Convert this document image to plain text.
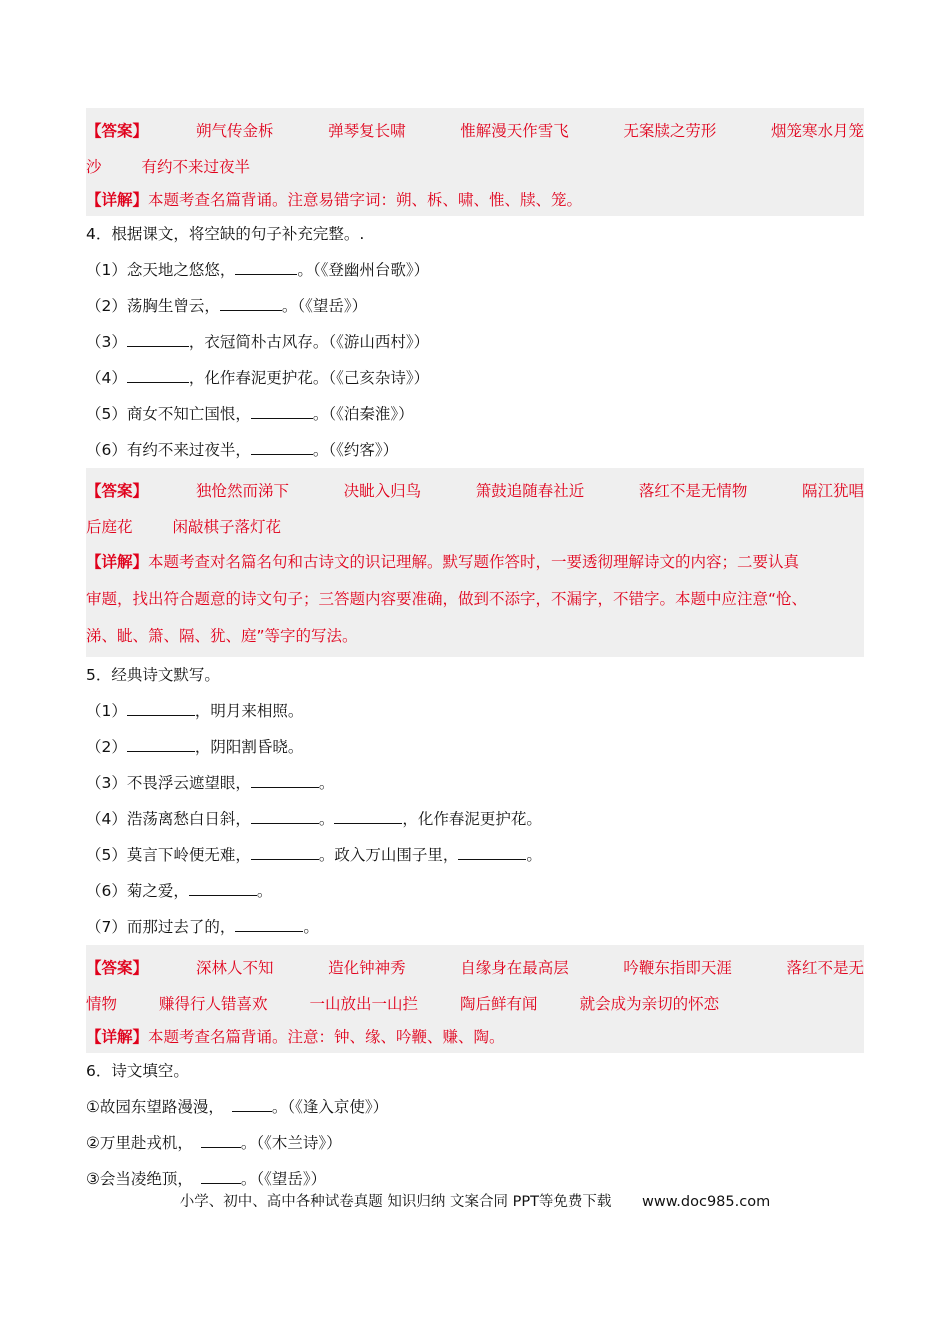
【答案】	朔气传金柝	弹琴复长啸	惟解漫天作雪飞	无案牍之劳形	烟笼寒水月笼
沙	有约不来过夜半
【详解】 本题考查名篇背诵。注意易错字词：朔、柝、啸、惟、牍、笼。
4．根据课文，将空缺的句子补充完整。.
（1）念天地之悠悠，	。（《登幽州台歌》）
（2）荡胸生曾云，	。（《望岳》）
（3）	，衣冠简朴古风存。（《游山西村》）
（4）	，化作春泥更护花。（《己亥杂诗》）
（5）商女不知亡国恨，	。（《泊秦淮》）
（6）有约不来过夜半，	。（《约客》）
【答案】	独怆然而涕下	决眦入归鸟	箫鼓追随春社近	落红不是无情物	隔江犹唱
后庭花	闲敲棋子落灯花
【详解】本题考查对名篇名句和古诗文的识记理解。默写题作答时，一要透彻理解诗文的内容；二要认真
审题，找出符合题意的诗文句子；三答题内容要准确，做到不添字，不漏字，不错字。本题中应注意“怆、
涕、眦、箫、隔、犹、庭”等字的写法。
5．经典诗文默写。
（1）	，明月来相照。
（2）	，阴阳割昏晓。
（3）不畏浮云遮望眼，	。
（4）浩荡离愁白日斜，	。	，化作春泥更护花。
（5）莫言下岭便无难，	。政入万山围子里，	。
（6）菊之爱，	。
（7）而那过去了的，	。
【答案】	深林人不知	造化钟神秀	自缘身在最高层	吟鞭东指即天涯	落红不是无
情物	赚得行人错喜欢	一山放出一山拦	陶后鲜有闻	就会成为亲切的怀恋
【详解】 本题考查名篇背诵。注意：钟、缘、吟鞭、赚、陶。
6．诗文填空。
①故园东望路漫漫，	。（《逢入京使》）
②万里赴戎机，	。（《木兰诗》）
③会当凌绝顶，	。（《望岳》）
小学、初中、高中各种试卷真题 知识归纳 文案合同 PPT等免费下载 www.doc985.com
